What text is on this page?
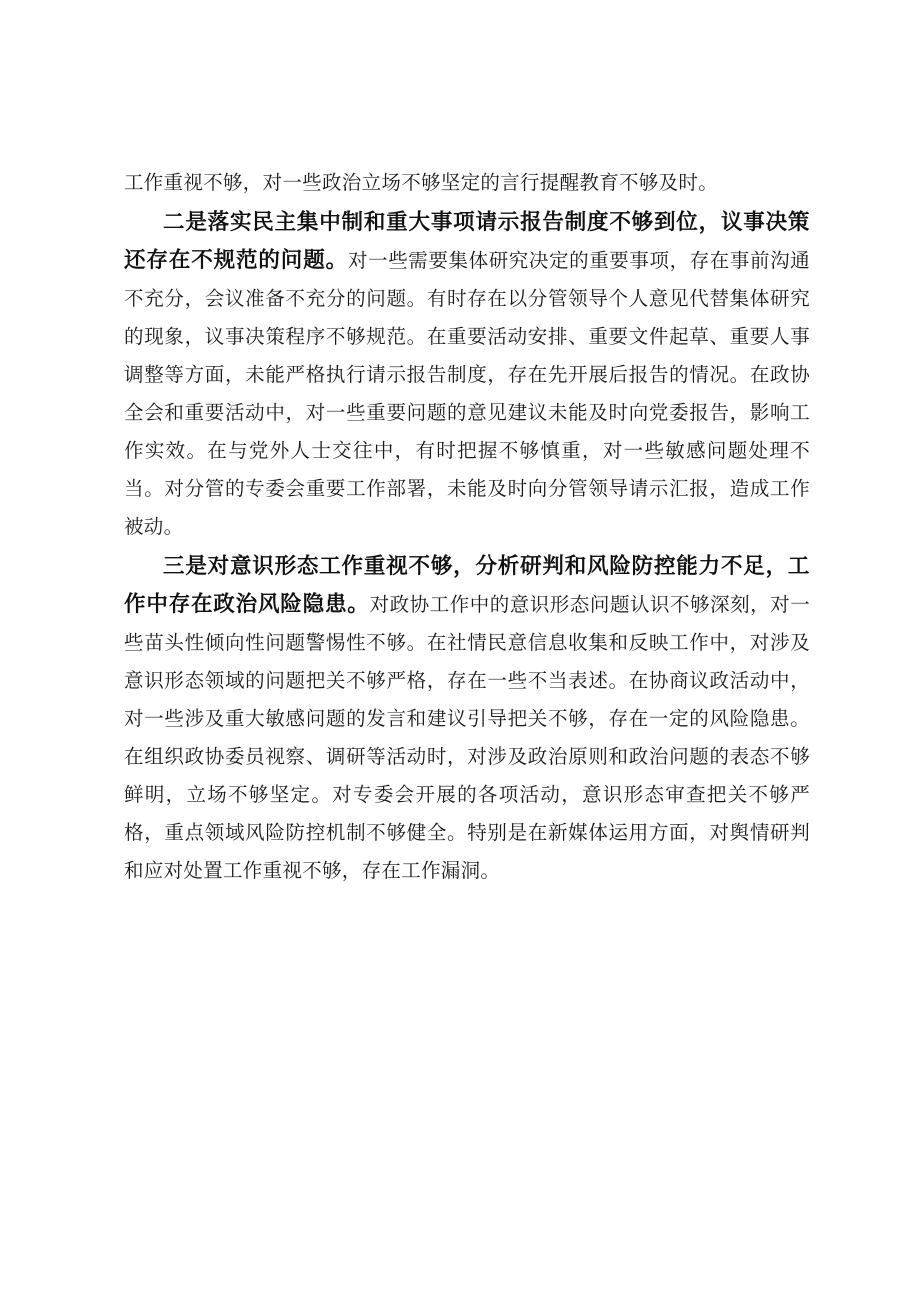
工作重视不够，对一些政治立场不够坚定的言行提醒教育不够及时。

二是落实民主集中制和重大事项请示报告制度不够到位，议事决策还存在不规范的问题。对一些需要集体研究决定的重要事项，存在事前沟通不充分，会议准备不充分的问题。有时存在以分管领导个人意见代替集体研究的现象，议事决策程序不够规范。在重要活动安排、重要文件起草、重要人事调整等方面，未能严格执行请示报告制度，存在先开展后报告的情况。在政协全会和重要活动中，对一些重要问题的意见建议未能及时向党委报告，影响工作实效。在与党外人士交往中，有时把握不够慎重，对一些敏感问题处理不当。对分管的专委会重要工作部署，未能及时向分管领导请示汇报，造成工作被动。

三是对意识形态工作重视不够，分析研判和风险防控能力不足，工作中存在政治风险隐患。对政协工作中的意识形态问题认识不够深刻，对一些苗头性倾向性问题警惕性不够。在社情民意信息收集和反映工作中，对涉及意识形态领域的问题把关不够严格，存在一些不当表述。在协商议政活动中，对一些涉及重大敏感问题的发言和建议引导把关不够，存在一定的风险隐患。在组织政协委员视察、调研等活动时，对涉及政治原则和政治问题的表态不够鲜明，立场不够坚定。对专委会开展的各项活动，意识形态审查把关不够严格，重点领域风险防控机制不够健全。特别是在新媒体运用方面，对舆情研判和应对处置工作重视不够，存在工作漏洞。
